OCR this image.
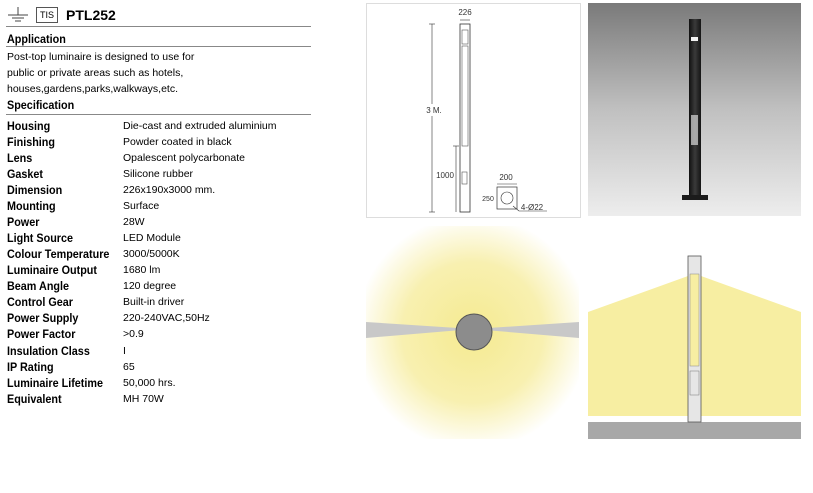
TIS PTL252
Application
Post-top luminaire is designed to use for
public or private areas such as hotels,
houses,gardens,parks,walkways,etc.
Specification
Housing	Die-cast and extruded aluminium
Finishing	Powder coated in black
Lens	Opalescent polycarbonate
Gasket	Silicone rubber
Dimension	226x190x3000 mm.
Mounting	Surface
Power	28W
Light Source	LED Module
Colour Temperature 3000/5000K
Luminaire Output 1680 lm
Beam Angle	120 degree
Control Gear	Built-in driver
Power Supply	220-240VAC,50Hz
Power Factor	>0.9
Insulation Class	I
IP Rating	65
Luminaire Lifetime 50,000 hrs.
Equivalent	MH 70W
226
3 M.
1000	200
250
4-Ø22
